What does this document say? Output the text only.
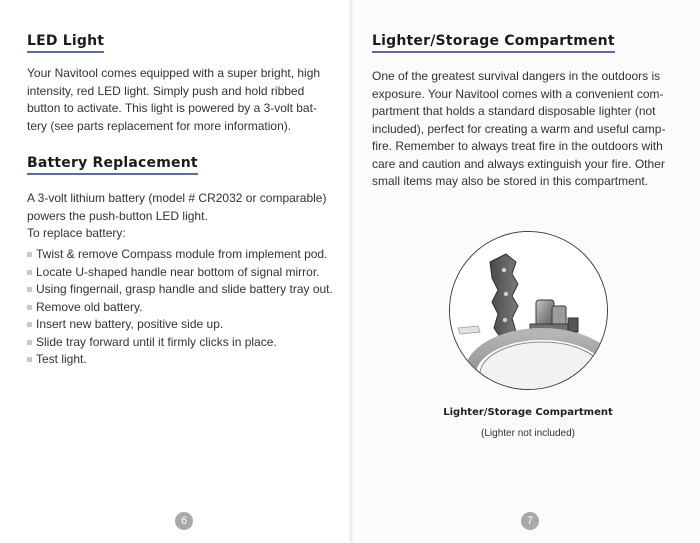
LED Light
Your Navitool comes equipped with a super bright, high
intensity, red LED light. Simply push and hold ribbed
button to activate. This light is powered by a 3-volt bat-
tery (see parts replacement for more information).
Battery Replacement
A 3-volt lithium battery (model # CR2032 or comparable)
powers the push-button LED light.
To replace battery:
Twist & remove Compass module from implement pod.
Locate U-shaped handle near bottom of signal mirror.
Using fingernail, grasp handle and slide battery tray out.
Remove old battery.
Insert new battery, positive side up.
Slide tray forward until it firmly clicks in place.
Test light.
6
Lighter/Storage Compartment
One of the greatest survival dangers in the outdoors is
exposure. Your Navitool comes with a convenient com-
partment that holds a standard disposable lighter (not
included), perfect for creating a warm and useful camp-
fire. Remember to always treat fire in the outdoors with
care and caution and always extinguish your fire. Other
small items may also be stored in this compartment.
Lighter/Storage Compartment
(Lighter not included)
7
